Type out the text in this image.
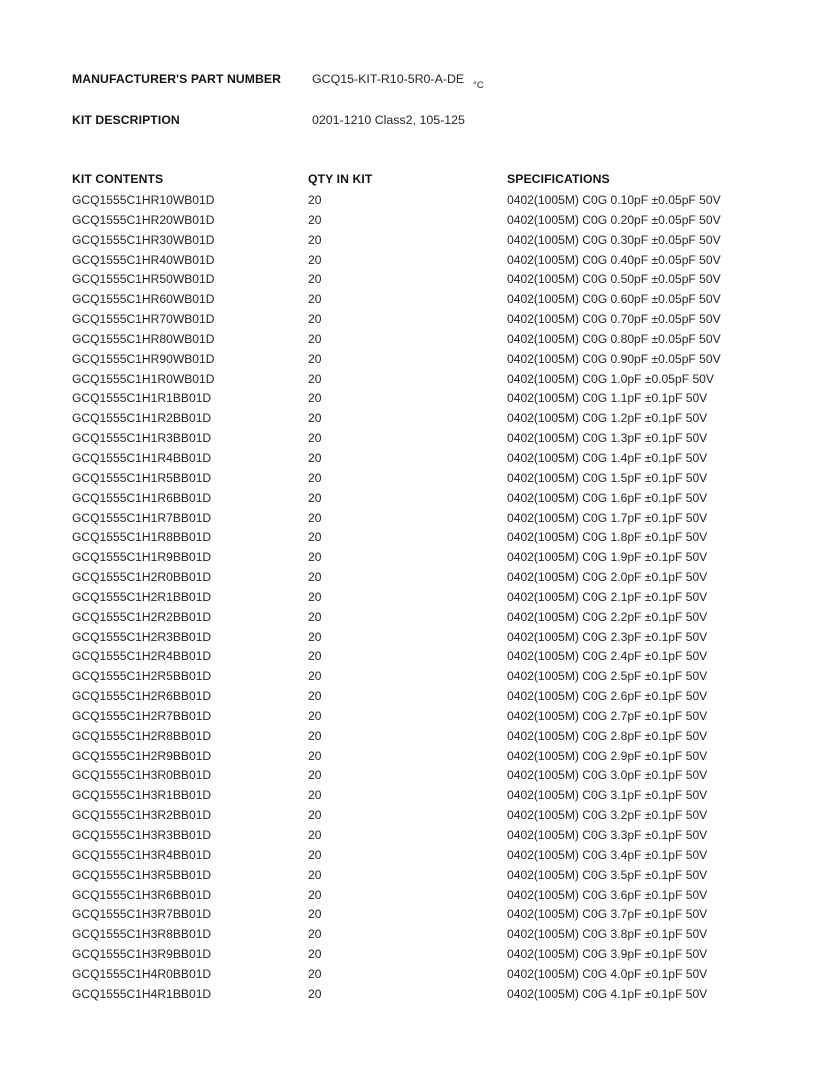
MANUFACTURER'S PART NUMBER GCQ15-KIT-R10-5R0-A-DE °C
KIT DESCRIPTION	0201-1210 Class2, 105-125
KIT CONTENTS	QTY IN KIT	SPECIFICATIONS
GCQ1555C1HR10WB01D	20	0402(1005M) C0G 0.10pF ±0.05pF 50V
GCQ1555C1HR20WB01D	20	0402(1005M) C0G 0.20pF ±0.05pF 50V
GCQ1555C1HR30WB01D	20	0402(1005M) C0G 0.30pF ±0.05pF 50V
GCQ1555C1HR40WB01D	20	0402(1005M) C0G 0.40pF ±0.05pF 50V
GCQ1555C1HR50WB01D	20	0402(1005M) C0G 0.50pF ±0.05pF 50V
GCQ1555C1HR60WB01D	20	0402(1005M) C0G 0.60pF ±0.05pF 50V
GCQ1555C1HR70WB01D	20	0402(1005M) C0G 0.70pF ±0.05pF 50V
GCQ1555C1HR80WB01D	20	0402(1005M) C0G 0.80pF ±0.05pF 50V
GCQ1555C1HR90WB01D	20	0402(1005M) C0G 0.90pF ±0.05pF 50V
GCQ1555C1H1R0WB01D	20	0402(1005M) C0G 1.0pF ±0.05pF 50V
GCQ1555C1H1R1BB01D	20	0402(1005M) C0G 1.1pF ±0.1pF 50V
GCQ1555C1H1R2BB01D	20	0402(1005M) C0G 1.2pF ±0.1pF 50V
GCQ1555C1H1R3BB01D	20	0402(1005M) C0G 1.3pF ±0.1pF 50V
GCQ1555C1H1R4BB01D	20	0402(1005M) C0G 1.4pF ±0.1pF 50V
GCQ1555C1H1R5BB01D	20	0402(1005M) C0G 1.5pF ±0.1pF 50V
GCQ1555C1H1R6BB01D	20	0402(1005M) C0G 1.6pF ±0.1pF 50V
GCQ1555C1H1R7BB01D	20	0402(1005M) C0G 1.7pF ±0.1pF 50V
GCQ1555C1H1R8BB01D	20	0402(1005M) C0G 1.8pF ±0.1pF 50V
GCQ1555C1H1R9BB01D	20	0402(1005M) C0G 1.9pF ±0.1pF 50V
GCQ1555C1H2R0BB01D	20	0402(1005M) C0G 2.0pF ±0.1pF 50V
GCQ1555C1H2R1BB01D	20	0402(1005M) C0G 2.1pF ±0.1pF 50V
GCQ1555C1H2R2BB01D	20	0402(1005M) C0G 2.2pF ±0.1pF 50V
GCQ1555C1H2R3BB01D	20	0402(1005M) C0G 2.3pF ±0.1pF 50V
GCQ1555C1H2R4BB01D	20	0402(1005M) C0G 2.4pF ±0.1pF 50V
GCQ1555C1H2R5BB01D	20	0402(1005M) C0G 2.5pF ±0.1pF 50V
GCQ1555C1H2R6BB01D	20	0402(1005M) C0G 2.6pF ±0.1pF 50V
GCQ1555C1H2R7BB01D	20	0402(1005M) C0G 2.7pF ±0.1pF 50V
GCQ1555C1H2R8BB01D	20	0402(1005M) C0G 2.8pF ±0.1pF 50V
GCQ1555C1H2R9BB01D	20	0402(1005M) C0G 2.9pF ±0.1pF 50V
GCQ1555C1H3R0BB01D	20	0402(1005M) C0G 3.0pF ±0.1pF 50V
GCQ1555C1H3R1BB01D	20	0402(1005M) C0G 3.1pF ±0.1pF 50V
GCQ1555C1H3R2BB01D	20	0402(1005M) C0G 3.2pF ±0.1pF 50V
GCQ1555C1H3R3BB01D	20	0402(1005M) C0G 3.3pF ±0.1pF 50V
GCQ1555C1H3R4BB01D	20	0402(1005M) C0G 3.4pF ±0.1pF 50V
GCQ1555C1H3R5BB01D	20	0402(1005M) C0G 3.5pF ±0.1pF 50V
GCQ1555C1H3R6BB01D	20	0402(1005M) C0G 3.6pF ±0.1pF 50V
GCQ1555C1H3R7BB01D	20	0402(1005M) C0G 3.7pF ±0.1pF 50V
GCQ1555C1H3R8BB01D	20	0402(1005M) C0G 3.8pF ±0.1pF 50V
GCQ1555C1H3R9BB01D	20	0402(1005M) C0G 3.9pF ±0.1pF 50V
GCQ1555C1H4R0BB01D	20	0402(1005M) C0G 4.0pF ±0.1pF 50V
GCQ1555C1H4R1BB01D	20	0402(1005M) C0G 4.1pF ±0.1pF 50V
